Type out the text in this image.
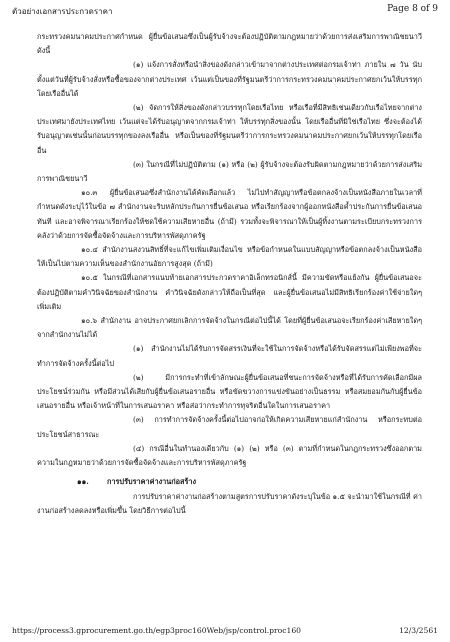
ตัวอย่างเอกสารประกวดราคา	Page 8 of 9

กระทรวงคมนาคมประกาศกำหนด ผู้ยื่นข้อเสนอซึ่งเป็นผู้รับจ้างจะต้องปฏิบัติตามกฎหมายว่าด้วยการส่งเสริมการพาณิชยนาวี ดังนี้

(๑) แจ้งการสั่งหรือนำสิ่งของดังกล่าวเข้ามาจากต่างประเทศต่อกรมเจ้าท่า ภายใน ๗ วัน นับตั้งแต่วันที่ผู้รับจ้างสั่งหรือซื้อของจากต่างประเทศ เว้นแต่เป็นของที่รัฐมนตรีว่าการกระทรวงคมนาคมประกาศยกเว้นให้บรรทุกโดยเรืออื่นได้

(๒) จัดการให้สิ่งของดังกล่าวบรรทุกโดยเรือไทย หรือเรือที่มีสิทธิเช่นเดียวกับเรือไทยจากต่างประเทศมายังประเทศไทย เว้นแต่จะได้รับอนุญาตจากกรมเจ้าท่า ให้บรรทุกสิ่งของนั้น โดยเรืออื่นที่มิใช่เรือไทย ซึ่งจะต้องได้รับอนุญาตเช่นนั้นก่อนบรรทุกของลงเรืออื่น หรือเป็นของที่รัฐมนตรีว่าการกระทรวงคมนาคมประกาศยกเว้นให้บรรทุกโดยเรืออื่น

(๓) ในกรณีที่ไม่ปฏิบัติตาม (๑) หรือ (๒) ผู้รับจ้างจะต้องรับผิดตามกฎหมายว่าด้วยการส่งเสริมการพาณิชยนาวี

๑๐.๓ ผู้ยื่นข้อเสนอซึ่งสำนักงานได้คัดเลือกแล้ว ไม่ไปทำสัญญาหรือข้อตกลงจ้างเป็นหนังสือภายในเวลาที่กำหนดดังระบุไว้ในข้อ ๗ สำนักงานจะริบหลักประกันการยื่นข้อเสนอ หรือเรียกร้องจากผู้ออกหนังสือค้ำประกันการยื่นข้อเสนอทันที และอาจพิจารณาเรียกร้องให้ชดใช้ความเสียหายอื่น (ถ้ามี) รวมทั้งจะพิจารณาให้เป็นผู้ทิ้งงานตามระเบียบกระทรวงการคลังว่าด้วยการจัดซื้อจัดจ้างและการบริหารพัสดุภาครัฐ

๑๐.๔ สำนักงานสงวนสิทธิ์ที่จะแก้ไขเพิ่มเติมเงื่อนไข หรือข้อกำหนดในแบบสัญญาหรือข้อตกลงจ้างเป็นหนังสือให้เป็นไปตามความเห็นของสำนักงานอัยการสูงสุด (ถ้ามี)

๑๐.๕ ในกรณีที่เอกสารแนบท้ายเอกสารประกวดราคาอิเล็กทรอนิกส์นี้ มีความขัดหรือแย้งกัน ผู้ยื่นข้อเสนอจะต้องปฏิบัติตามคำวินิจฉัยของสำนักงาน คำวินิจฉัยดังกล่าวให้ถือเป็นที่สุด และผู้ยื่นข้อเสนอไม่มีสิทธิเรียกร้องค่าใช้จ่ายใดๆ เพิ่มเติม

๑๐.๖ สำนักงาน อาจประกาศยกเลิกการจัดจ้างในกรณีต่อไปนี้ได้ โดยที่ผู้ยื่นข้อเสนอจะเรียกร้องค่าเสียหายใดๆ จากสำนักงานไม่ได้

(๑) สำนักงานไม่ได้รับการจัดสรรเงินที่จะใช้ในการจัดจ้างหรือได้รับจัดสรรแต่ไม่เพียงพอที่จะทำการจัดจ้างครั้งนี้ต่อไป

(๒) มีการกระทำที่เข้าลักษณะผู้ยื่นข้อเสนอที่ชนะการจัดจ้างหรือที่ได้รับการคัดเลือกมีผลประโยชน์ร่วมกัน หรือมีส่วนได้เสียกับผู้ยื่นข้อเสนอรายอื่น หรือขัดขวางการแข่งขันอย่างเป็นธรรม หรือสมยอมกันกับผู้ยื่นข้อเสนอรายอื่น หรือเจ้าหน้าที่ในการเสนอราคา หรือส่อว่ากระทำการทุจริตอื่นใดในการเสนอราคา

(๓) การทำการจัดจ้างครั้งนี้ต่อไปอาจก่อให้เกิดความเสียหายแก่สำนักงาน หรือกระทบต่อประโยชน์สาธารณะ

(๔) กรณีอื่นในทำนองเดียวกับ (๑) (๒) หรือ (๓) ตามที่กำหนดในกฎกระทรวงซึ่งออกตามความในกฎหมายว่าด้วยการจัดซื้อจัดจ้างและการบริหารพัสดุภาครัฐ

๑๑. การปรับราคาค่างานก่อสร้าง

การปรับราคาค่างานก่อสร้างตามสูตรการปรับราคาดังระบุในข้อ ๑.๕ จะนำมาใช้ในกรณีที่ ค่างานก่อสร้างลดลงหรือเพิ่มขึ้น โดยวิธีการต่อไปนี้

https://process3.gprocurement.go.th/egp3proc160Web/jsp/control.proc160	12/3/2561
